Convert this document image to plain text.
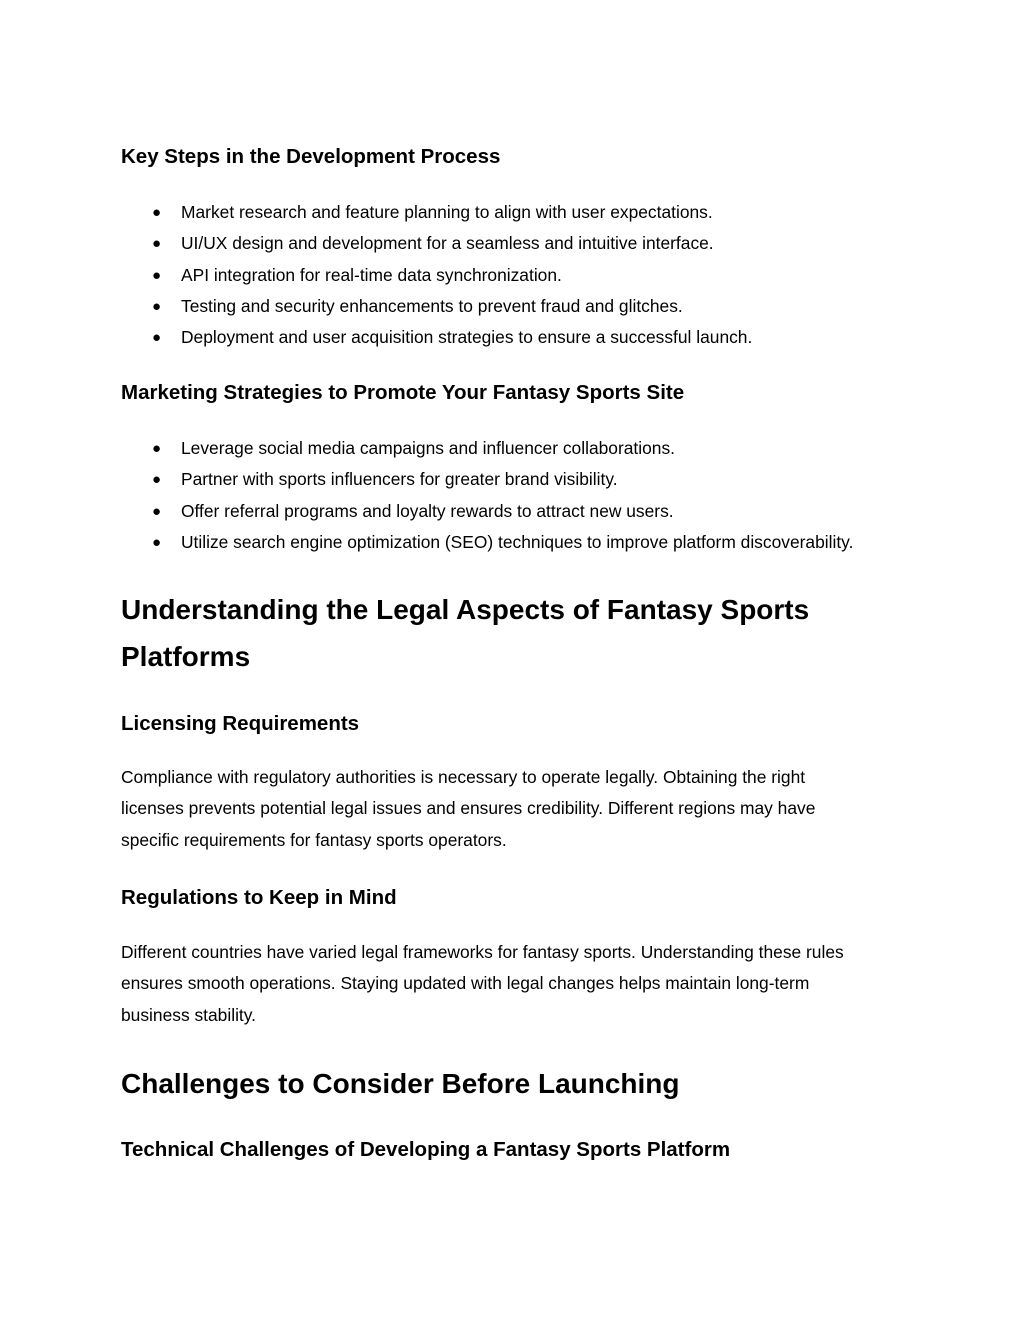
Key Steps in the Development Process
● Market research and feature planning to align with user expectations.
● UI/UX design and development for a seamless and intuitive interface.
● API integration for real-time data synchronization.
● Testing and security enhancements to prevent fraud and glitches.
● Deployment and user acquisition strategies to ensure a successful launch.
Marketing Strategies to Promote Your Fantasy Sports Site
● Leverage social media campaigns and influencer collaborations.
● Partner with sports influencers for greater brand visibility.
● Offer referral programs and loyalty rewards to attract new users.
● Utilize search engine optimization (SEO) techniques to improve platform discoverability.
Understanding the Legal Aspects of Fantasy Sports
Platforms
Licensing Requirements
Compliance with regulatory authorities is necessary to operate legally. Obtaining the right
licenses prevents potential legal issues and ensures credibility. Different regions may have
specific requirements for fantasy sports operators.
Regulations to Keep in Mind
Different countries have varied legal frameworks for fantasy sports. Understanding these rules
ensures smooth operations. Staying updated with legal changes helps maintain long-term
business stability.
Challenges to Consider Before Launching
Technical Challenges of Developing a Fantasy Sports Platform
